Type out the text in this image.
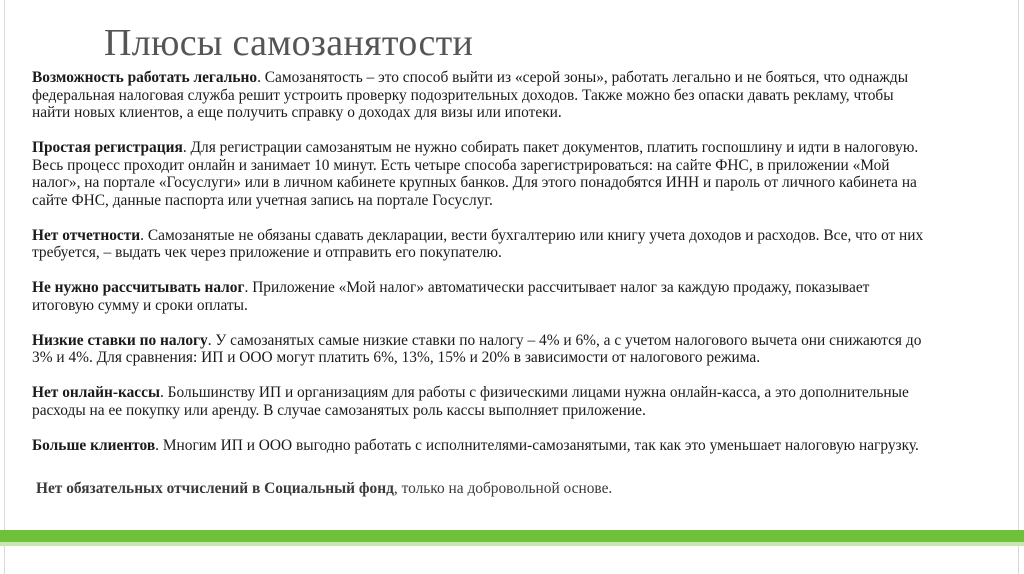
Плюсы самозанятости

Возможность работать легально. Самозанятость – это способ выйти из «серой зоны», работать легально и не бояться, что однажды федеральная налоговая служба решит устроить проверку подозрительных доходов. Также можно без опаски давать рекламу, чтобы найти новых клиентов, а еще получить справку о доходах для визы или ипотеки.

Простая регистрация. Для регистрации самозанятым не нужно собирать пакет документов, платить госпошлину и идти в налоговую. Весь процесс проходит онлайн и занимает 10 минут. Есть четыре способа зарегистрироваться: на сайте ФНС, в приложении «Мой налог», на портале «Госуслуги» или в личном кабинете крупных банков. Для этого понадобятся ИНН и пароль от личного кабинета на сайте ФНС, данные паспорта или учетная запись на портале Госуслуг.

Нет отчетности. Самозанятые не обязаны сдавать декларации, вести бухгалтерию или книгу учета доходов и расходов. Все, что от них требуется, – выдать чек через приложение и отправить его покупателю.

Не нужно рассчитывать налог. Приложение «Мой налог» автоматически рассчитывает налог за каждую продажу, показывает итоговую сумму и сроки оплаты.

Низкие ставки по налогу. У самозанятых самые низкие ставки по налогу – 4% и 6%, а с учетом налогового вычета они снижаются до 3% и 4%. Для сравнения: ИП и ООО могут платить 6%, 13%, 15% и 20% в зависимости от налогового режима.

Нет онлайн-кассы. Большинству ИП и организациям для работы с физическими лицами нужна онлайн-касса, а это дополнительные расходы на ее покупку или аренду. В случае самозанятых роль кассы выполняет приложение.

Больше клиентов. Многим ИП и ООО выгодно работать с исполнителями-самозанятыми, так как это уменьшает налоговую нагрузку.

Нет обязательных отчислений в Социальный фонд, только на добровольной основе.
